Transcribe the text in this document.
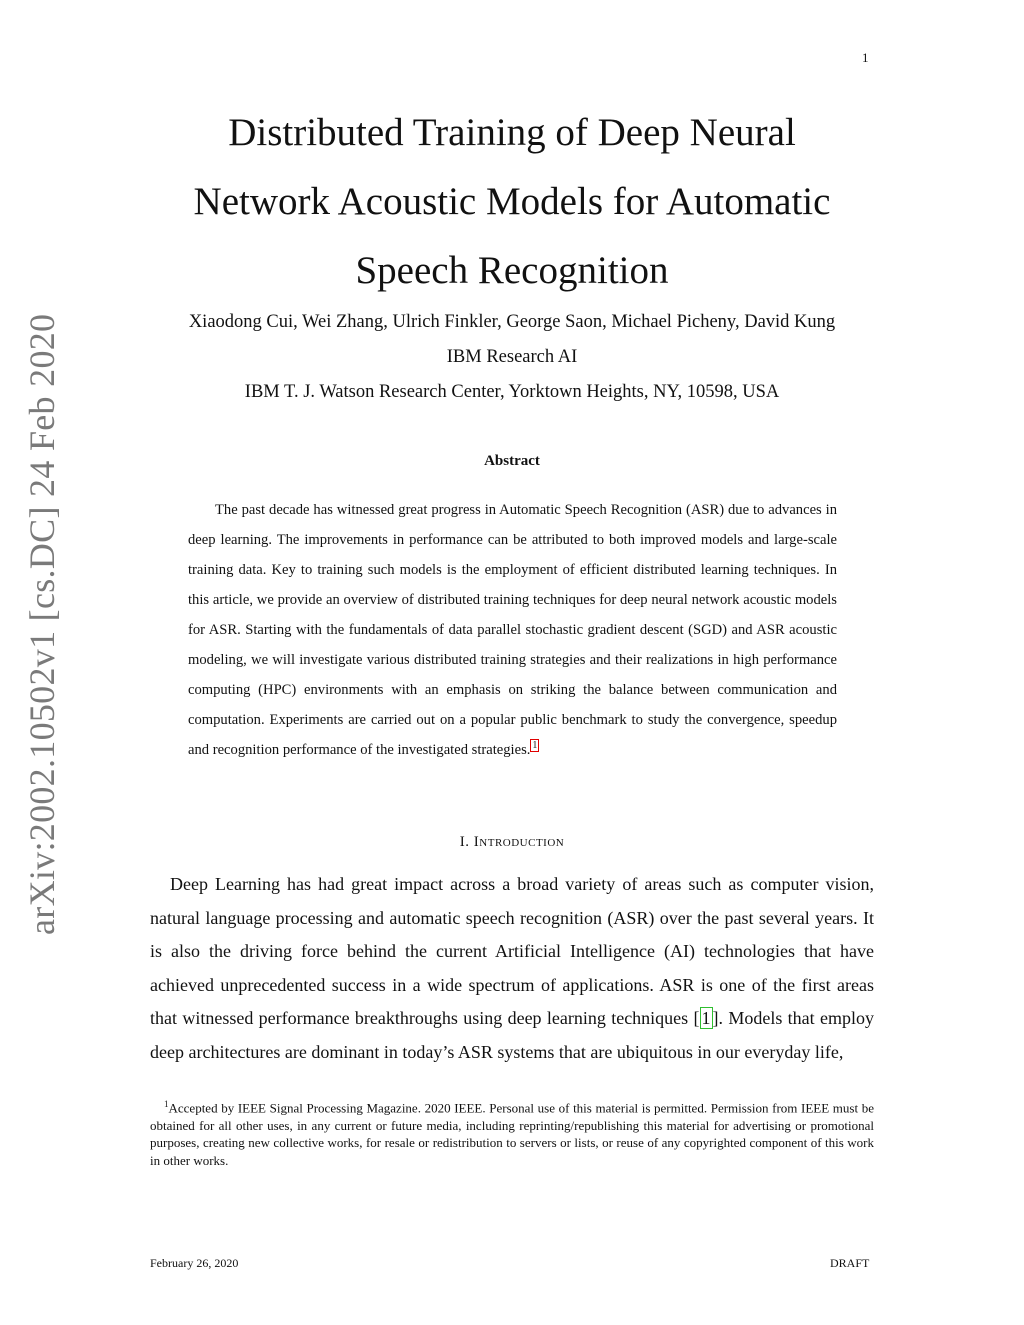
1
arXiv:2002.10502v1 [cs.DC] 24 Feb 2020
Distributed Training of Deep Neural
Network Acoustic Models for Automatic
Speech Recognition
Xiaodong Cui, Wei Zhang, Ulrich Finkler, George Saon, Michael Picheny, David Kung
IBM Research AI
IBM T. J. Watson Research Center, Yorktown Heights, NY, 10598, USA
Abstract

The past decade has witnessed great progress in Automatic Speech Recognition (ASR) due to advances in deep learning. The improvements in performance can be attributed to both improved models and large-scale training data. Key to training such models is the employment of efficient distributed learning techniques. In this article, we provide an overview of distributed training techniques for deep neural network acoustic models for ASR. Starting with the fundamentals of data parallel stochastic gradient descent (SGD) and ASR acoustic modeling, we will investigate various distributed training strategies and their realizations in high performance computing (HPC) environments with an emphasis on striking the balance between communication and computation. Experiments are carried out on a popular public benchmark to study the convergence, speedup and recognition performance of the investigated strategies. $^1$

I. Introduction

Deep Learning has had great impact across a broad variety of areas such as computer vision, natural language processing and automatic speech recognition (ASR) over the past several years. It is also the driving force behind the current Artificial Intelligence (AI) technologies that have achieved unprecedented success in a wide spectrum of applications. ASR is one of the first areas that witnessed performance breakthroughs using deep learning techniques [ 1 ]. Models that employ deep architectures are dominant in today’s ASR systems that are ubiquitous in our everyday life,

$^1$Accepted by IEEE Signal Processing Magazine. 2020 IEEE. Personal use of this material is permitted. Permission from IEEE must be obtained for all other uses, in any current or future media, including reprinting/republishing this material for advertising or promotional purposes, creating new collective works, for resale or redistribution to servers or lists, or reuse of any copyrighted component of this work in other works.

February 26, 2020	DRAFT
